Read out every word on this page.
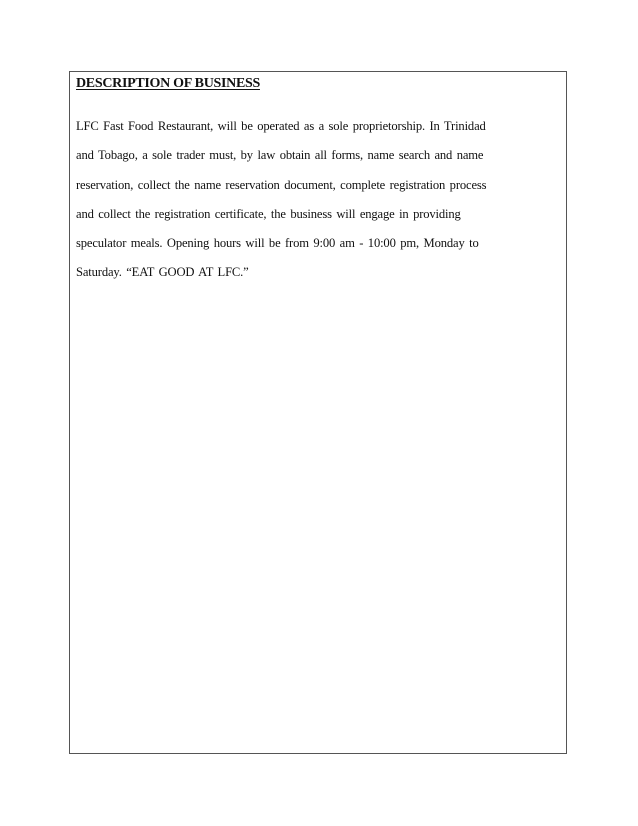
DESCRIPTION OF BUSINESS
LFC Fast Food Restaurant, will be operated as a sole proprietorship. In Trinidad
and Tobago, a sole trader must, by law obtain all forms, name search and name
reservation, collect the name reservation document, complete registration process
and collect the registration certificate, the business will engage in providing
speculator meals. Opening hours will be from 9:00 am - 10:00 pm, Monday to
Saturday. “EAT GOOD AT LFC.”
